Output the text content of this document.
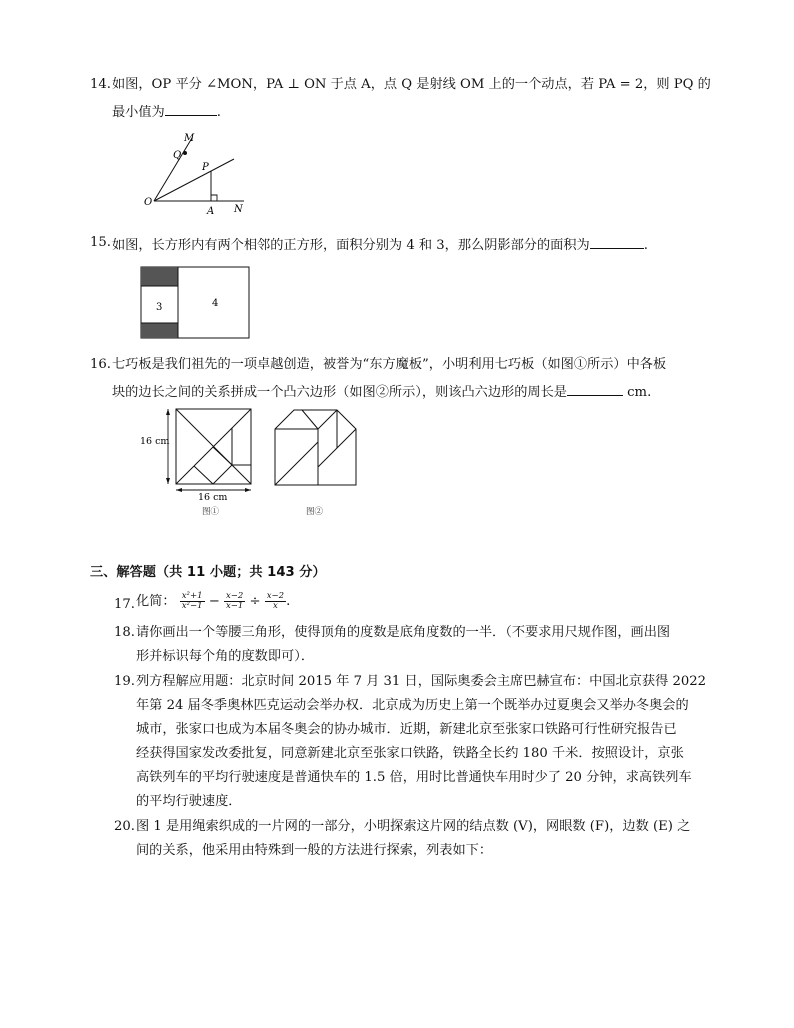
14. 如图，OP 平分 ∠MON，PA ⊥ ON 于点 A，点 Q 是射线 OM 上的一个动点，若 PA = 2，则 PQ 的
最小值为	.
M
Q
P
O
A N
15. 如图，长方形内有两个相邻的正方形，面积分别为 4 和 3，那么阴影部分的面积为	.
3	4
16. 七巧板是我们祖先的一项卓越创造，被誉为“东方魔板”，小明利用七巧板（如图①所示）中各板
块的边长之间的关系拼成一个凸六边形（如图②所示），则该凸六边形的周长是	cm.
16 cm
16 cm
图①	图②
三、解答题（共 11 小题；共 143 分）
17. 化简： $\frac{\text{x²+1}}{\text{x²−1}} - \frac{x-2}{x-1} \div \frac{x-2}{x}$ .
18. 请你画出一个等腰三角形，使得顶角的度数是底角度数的一半．（不要求用尺规作图，画出图
形并标识每个角的度数即可）．
19. 列方程解应用题：北京时间 2015 年 7 月 31 日，国际奥委会主席巴赫宣布：中国北京获得 2022
年第 24 届冬季奥林匹克运动会举办权．北京成为历史上第一个既举办过夏奥会又举办冬奥会的
城市，张家口也成为本届冬奥会的协办城市．近期，新建北京至张家口铁路可行性研究报告已
经获得国家发改委批复，同意新建北京至张家口铁路，铁路全长约 180 千米．按照设计，京张
高铁列车的平均行驶速度是普通快车的 1.5 倍，用时比普通快车用时少了 20 分钟，求高铁列车
的平均行驶速度．
20. 图 1 是用绳索织成的一片网的一部分，小明探索这片网的结点数 (V)，网眼数 (F)，边数 (E) 之
间的关系，他采用由特殊到一般的方法进行探索，列表如下：
